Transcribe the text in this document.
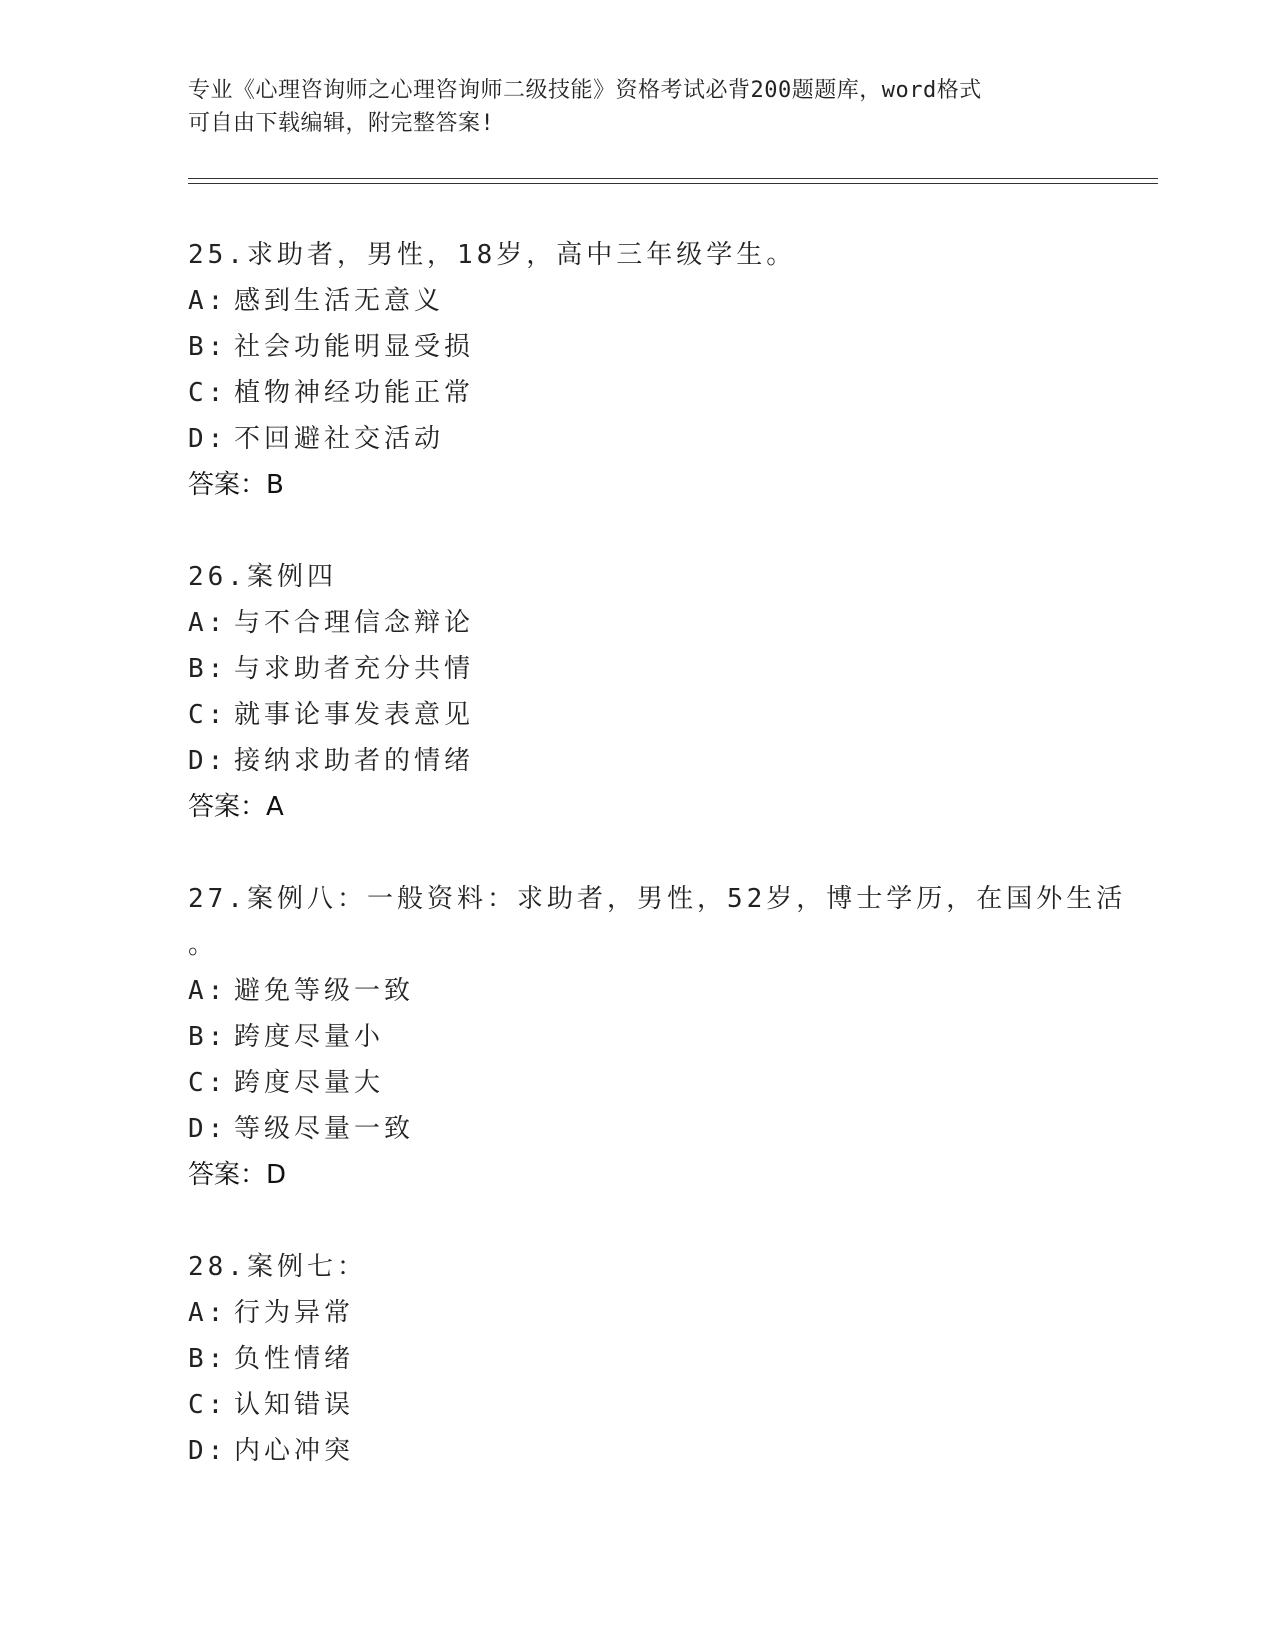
专业《心理咨询师之心理咨询师二级技能》资格考试必背200题题库，word格式
可自由下载编辑，附完整答案!
25.求助者，男性，18岁，高中三年级学生。
A: 感到生活无意义
B: 社会功能明显受损
C: 植物神经功能正常
D: 不回避社交活动
答案：B
26.案例四
A: 与不合理信念辩论
B: 与求助者充分共情
C: 就事论事发表意见
D: 接纳求助者的情绪
答案：A
27.案例八：一般资料：求助者，男性，52岁，博士学历，在国外生活
。
A: 避免等级一致
B: 跨度尽量小
C: 跨度尽量大
D: 等级尽量一致
答案：D
28.案例七：
A: 行为异常
B: 负性情绪
C: 认知错误
D: 内心冲突
